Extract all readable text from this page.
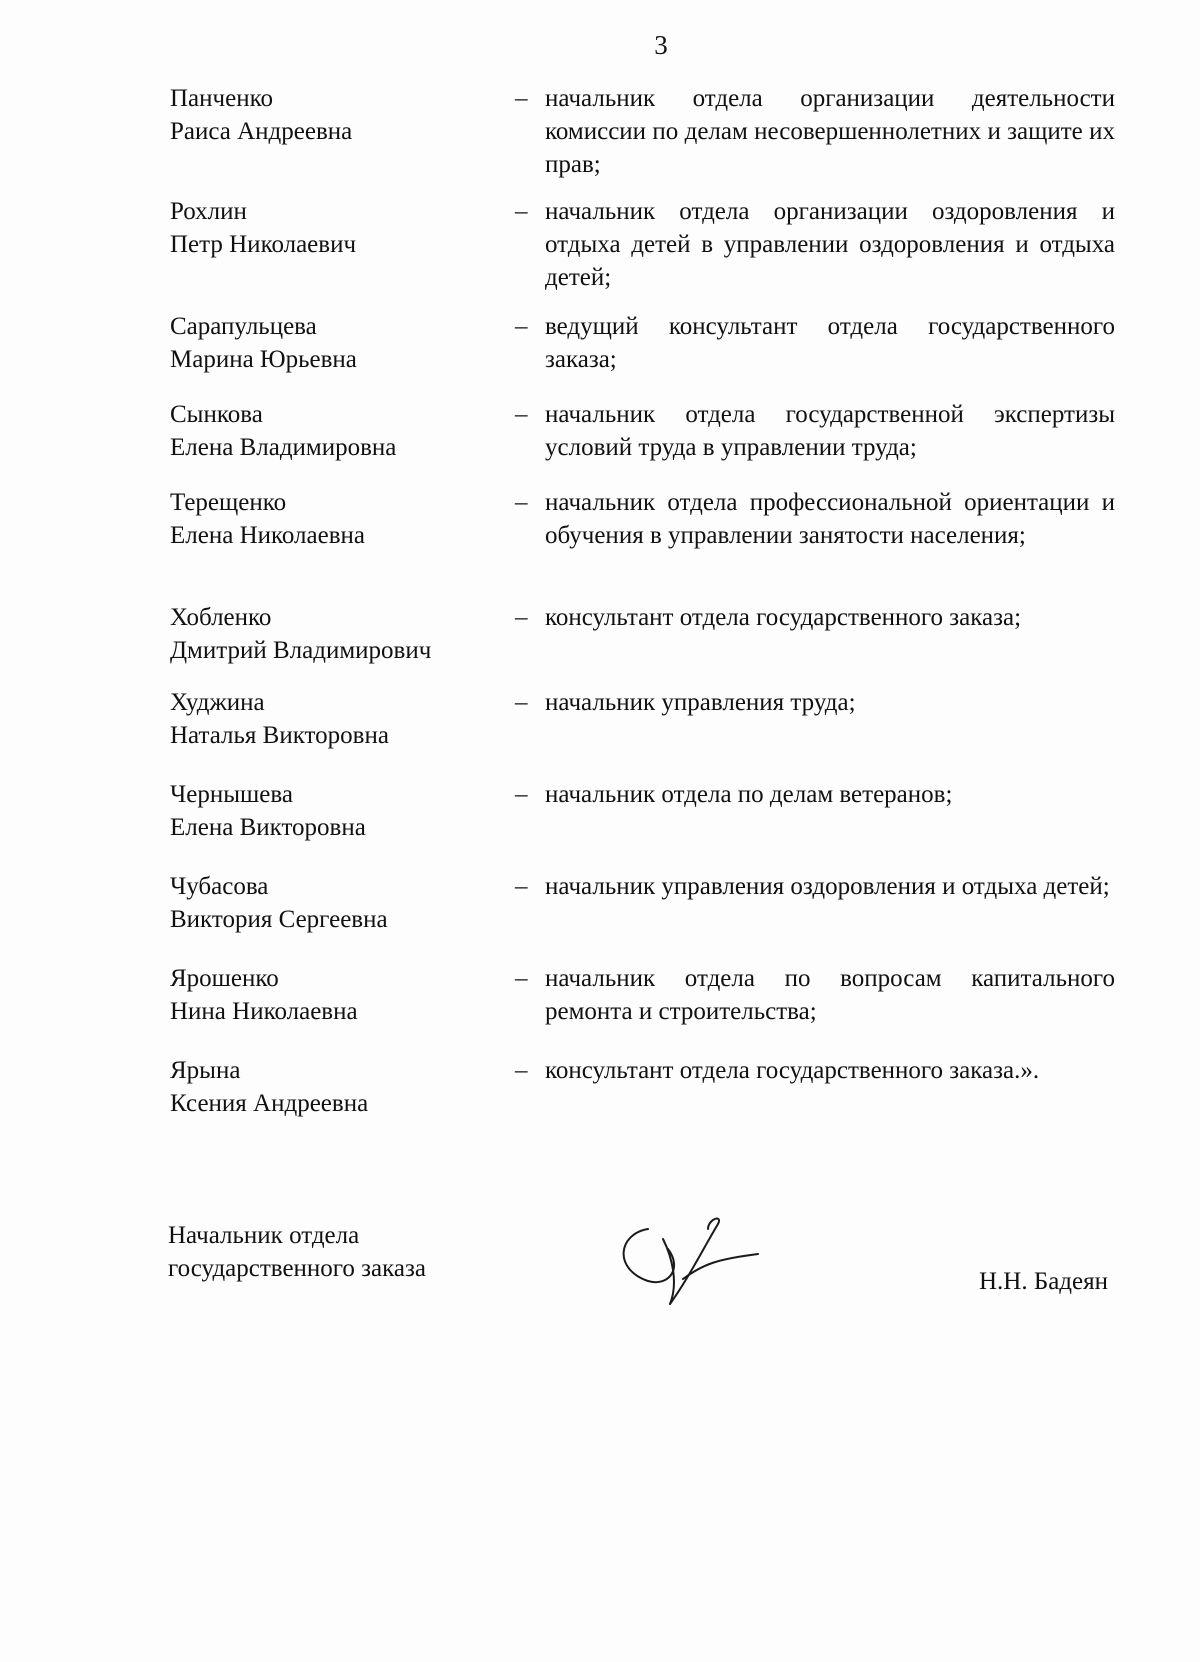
3
Панченко
Раиса Андреевна
– начальник отдела организации деятельности комиссии по делам несовершеннолетних и защите их прав;
Рохлин
Петр Николаевич
– начальник отдела организации оздоровления и отдыха детей в управлении оздоровления и отдыха детей;
Сарапульцева
Марина Юрьевна
– ведущий консультант отдела государственного заказа;
Сынкова
Елена Владимировна
– начальник отдела государственной экспертизы условий труда в управлении труда;
Терещенко
Елена Николаевна
– начальник отдела профессиональной ориентации и обучения в управлении занятости населения;
Хобленко
Дмитрий Владимирович
– консультант отдела государственного заказа;
Худжина
Наталья Викторовна
– начальник управления труда;
Чернышева
Елена Викторовна
– начальник отдела по делам ветеранов;
Чубасова
Виктория Сергеевна
– начальник управления оздоровления и отдыха детей;
Ярошенко
Нина Николаевна
– начальник отдела по вопросам капитального ремонта и строительства;
Ярына
Ксения Андреевна
– консультант отдела государственного заказа.».
Начальник отдела
государственного заказа	Н.Н. Бадеян
